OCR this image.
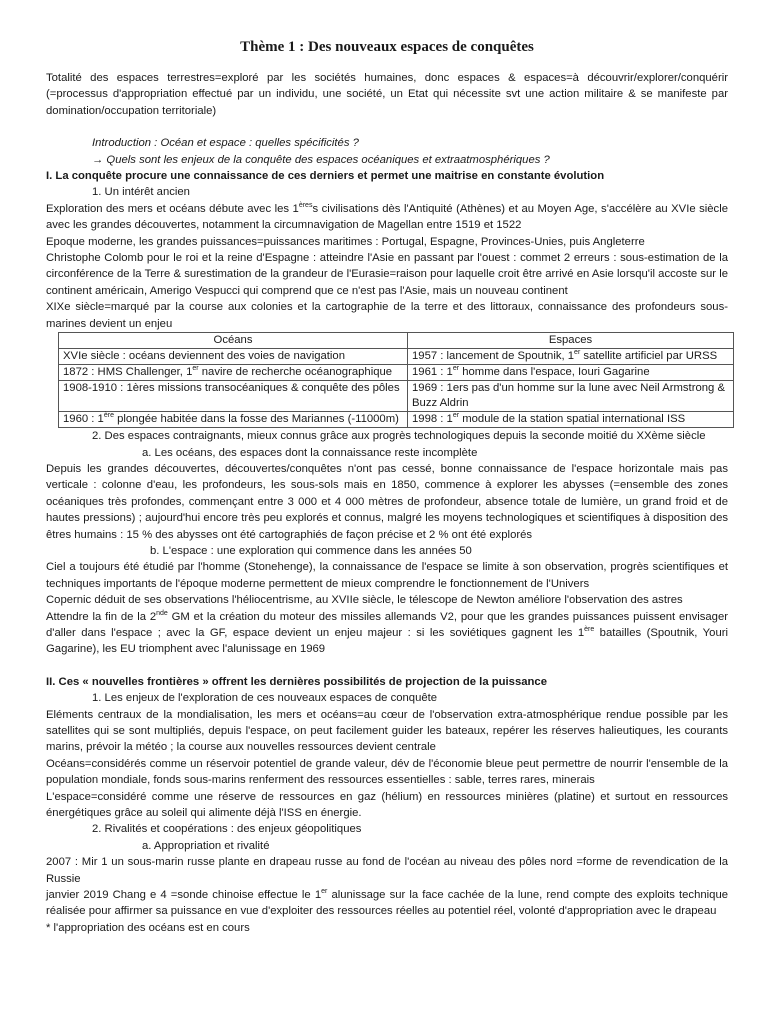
Thème 1 : Des nouveaux espaces de conquêtes

Totalité des espaces terrestres=exploré par les sociétés humaines, donc espaces & espaces=à découvrir/explorer/conquérir (=processus d'appropriation effectué par un individu, une société, un Etat qui nécessite svt une action militaire & se manifeste par domination/occupation territoriale)

Introduction : Océan et espace : quelles spécificités ?

→ Quels sont les enjeux de la conquête des espaces océaniques et extraatmosphériques ?

I. La conquête procure une connaissance de ces derniers et permet une maitrise en constante évolution

1. Un intérêt ancien

Exploration des mers et océans débute avec les 1èress civilisations dès l'Antiquité (Athènes) et au Moyen Age, s'accélère au XVIe siècle avec les grandes découvertes, notamment la circumnavigation de Magellan entre 1519 et 1522

Epoque moderne, les grandes puissances=puissances maritimes : Portugal, Espagne, Provinces-Unies, puis Angleterre

Christophe Colomb pour le roi et la reine d'Espagne : atteindre l'Asie en passant par l'ouest : commet 2 erreurs : sous-estimation de la circonférence de la Terre & surestimation de la grandeur de l'Eurasie=raison pour laquelle croit être arrivé en Asie lorsqu'il accoste sur le continent américain, Amerigo Vespucci qui comprend que ce n'est pas l'Asie, mais un nouveau continent

XIXe siècle=marqué par la course aux colonies et la cartographie de la terre et des littoraux, connaissance des profondeurs sous-marines devient un enjeu

Océans	Espaces
XVIe siècle : océans deviennent des voies de navigation	1957 : lancement de Spoutnik, 1er satellite artificiel par URSS
1872 : HMS Challenger, 1er navire de recherche océanographique	1961 : 1er homme dans l'espace, Iouri Gagarine
1908-1910 : 1ères missions transocéaniques & conquête des pôles	1969 : 1ers pas d'un homme sur la lune avec Neil Armstrong & Buzz Aldrin
1960 : 1ère plongée habitée dans la fosse des Mariannes (-11000m)	1998 : 1er module de la station spatial international ISS

2. Des espaces contraignants, mieux connus grâce aux progrès technologiques depuis la seconde moitié du XXème siècle

a. Les océans, des espaces dont la connaissance reste incomplète

Depuis les grandes découvertes, découvertes/conquêtes n'ont pas cessé, bonne connaissance de l'espace horizontale mais pas verticale : colonne d'eau, les profondeurs, les sous-sols mais en 1850, commence à explorer les abysses (=ensemble des zones océaniques très profondes, commençant entre 3 000 et 4 000 mètres de profondeur, absence totale de lumière, un grand froid et de hautes pressions) ; aujourd'hui encore très peu explorés et connus, malgré les moyens technologiques et scientifiques à disposition des êtres humains : 15 % des abysses ont été cartographiés de façon précise et 2 % ont été explorés

b. L'espace : une exploration qui commence dans les années 50

Ciel a toujours été étudié par l'homme (Stonehenge), la connaissance de l'espace se limite à son observation, progrès scientifiques et techniques importants de l'époque moderne permettent de mieux comprendre le fonctionnement de l'Univers

Copernic déduit de ses observations l'héliocentrisme, au XVIIe siècle, le télescope de Newton améliore l'observation des astres

Attendre la fin de la 2nde GM et la création du moteur des missiles allemands V2, pour que les grandes puissances puissent envisager d'aller dans l'espace ; avec la GF, espace devient un enjeu majeur : si les soviétiques gagnent les 1ère batailles (Spoutnik, Youri Gagarine), les EU triomphent avec l'alunissage en 1969

II. Ces « nouvelles frontières » offrent les dernières possibilités de projection de la puissance

1. Les enjeux de l'exploration de ces nouveaux espaces de conquête

Eléments centraux de la mondialisation, les mers et océans=au cœur de l'observation extra-atmosphérique rendue possible par les satellites qui se sont multipliés, depuis l'espace, on peut facilement guider les bateaux, repérer les réserves halieutiques, les courants marins, prévoir la météo ; la course aux nouvelles ressources devient centrale

Océans=considérés comme un réservoir potentiel de grande valeur, dév de l'économie bleue peut permettre de nourrir l'ensemble de la population mondiale, fonds sous-marins renferment des ressources essentielles : sable, terres rares, minerais

L'espace=considéré comme une réserve de ressources en gaz (hélium) en ressources minières (platine) et surtout en ressources énergétiques grâce au soleil qui alimente déjà l'ISS en énergie.

2. Rivalités et coopérations : des enjeux géopolitiques

a. Appropriation et rivalité

2007 : Mir 1 un sous-marin russe plante en drapeau russe au fond de l'océan au niveau des pôles nord =forme de revendication de la Russie

janvier 2019 Chang e 4 =sonde chinoise effectue le 1er alunissage sur la face cachée de la lune, rend compte des exploits technique réalisée pour affirmer sa puissance en vue d'exploiter des ressources réelles au potentiel réel, volonté d'appropriation avec le drapeau

* l'appropriation des océans est en cours
